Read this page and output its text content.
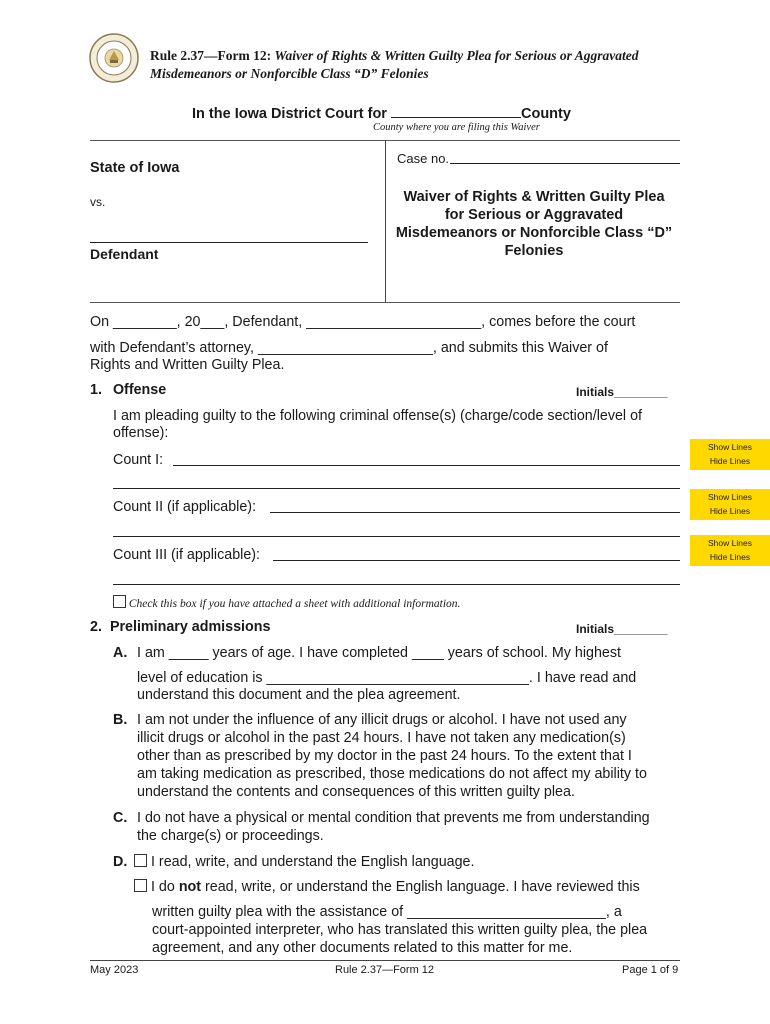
Rule 2.37—Form 12: Waiver of Rights & Written Guilty Plea for Serious or Aggravated
Misdemeanors or Nonforcible Class “D” Felonies
In the Iowa District Court for	County
County where you are filing this Waiver
State of Iowa
vs.
Defendant
Case no.
Waiver of Rights & Written Guilty Plea
for Serious or Aggravated
Misdemeanors or Nonforcible Class “D”
Felonies
On ________, 20___, Defendant, ______________________, comes before the court
with Defendant’s attorney, ______________________, and submits this Waiver of
Rights and Written Guilty Plea.
1. Offense	Initials________
I am pleading guilty to the following criminal offense(s) (charge/code section/level of
offense):
Count I:
Count II (if applicable):
Count III (if applicable):
Check this box if you have attached a sheet with additional information.
Show Lines
Hide Lines
Show Lines
Hide Lines
Show Lines
Hide Lines
2. Preliminary admissions	Initials________
A. I am _____ years of age. I have completed ____ years of school. My highest
level of education is _________________________________. I have read and
understand this document and the plea agreement.
B. I am not under the influence of any illicit drugs or alcohol. I have not used any
illicit drugs or alcohol in the past 24 hours. I have not taken any medication(s)
other than as prescribed by my doctor in the past 24 hours. To the extent that I
am taking medication as prescribed, those medications do not affect my ability to
understand the contents and consequences of this written guilty plea.
C. I do not have a physical or mental condition that prevents me from understanding
the charge(s) or proceedings.
D.	I read, write, and understand the English language.
I do not read, write, or understand the English language. I have reviewed this
written guilty plea with the assistance of _________________________, a
court-appointed interpreter, who has translated this written guilty plea, the plea
agreement, and any other documents related to this matter for me.
May 2023	Rule 2.37—Form 12	Page 1 of 9
